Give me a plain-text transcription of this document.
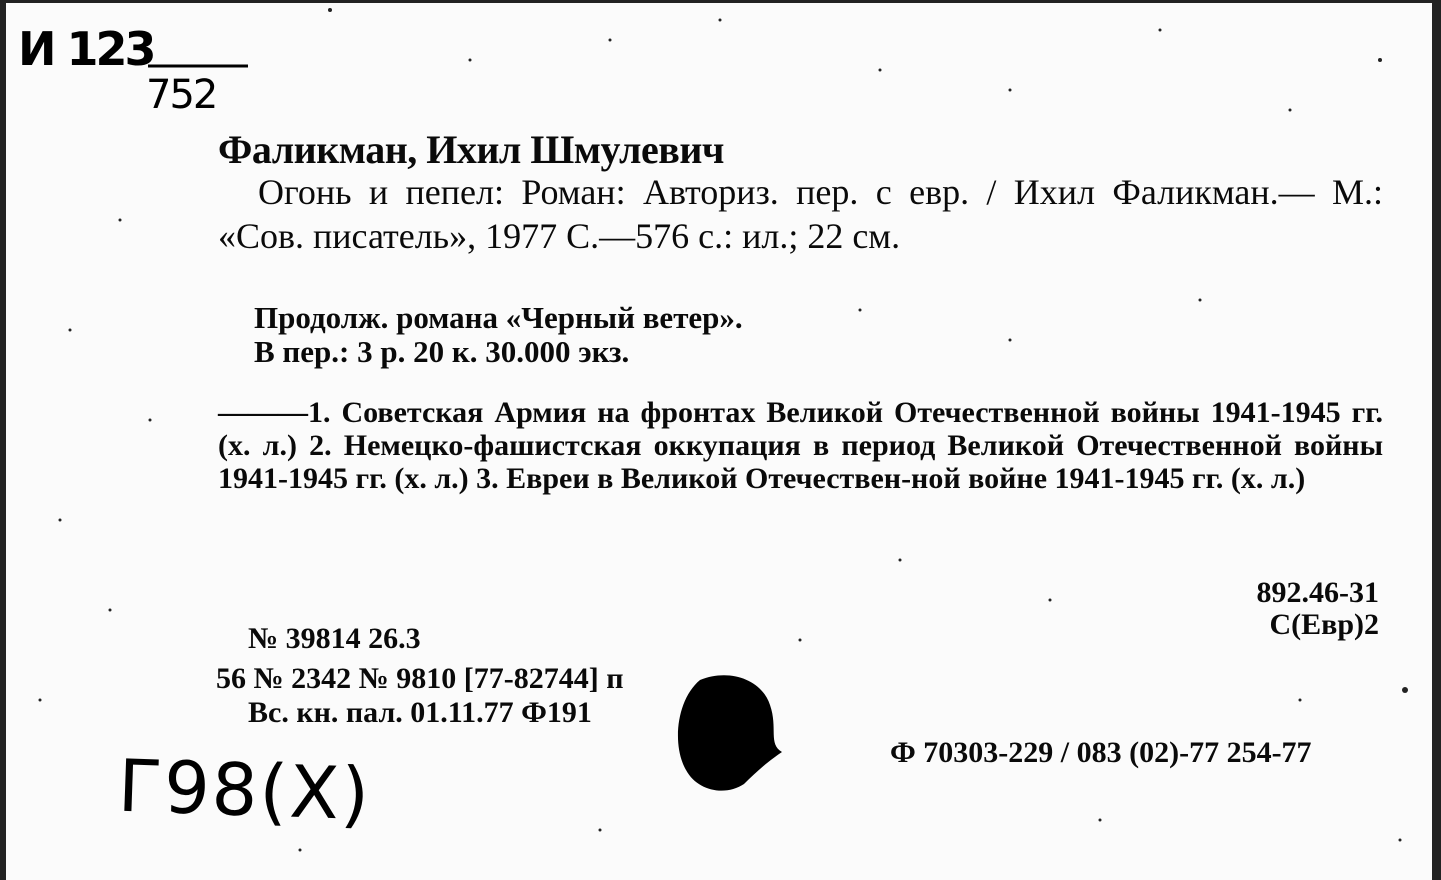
И 123
752
Фаликман, Ихил Шмулевич
Огонь и пепел: Роман: Авториз. пер. с евр. / Ихил Фаликман.— М.: «Сов. писатель», 1977 С.—576 с.: ил.; 22 см.
Продолж. романа «Черный ветер».
В пер.: 3 р. 20 к. 30.000 экз.
———1. Советская Армия на фронтах Великой Отечественной войны 1941-1945 гг. (х. л.) 2. Немецко-фашистская оккупация в период Великой Отечественной войны 1941-1945 гг. (х. л.) 3. Евреи в Великой Отечествен-ной войне 1941-1945 гг. (х. л.)
892.46-31
С(Евр)2
№ 39814 26.3
56 № 2342 № 9810 [77-82744] п
Вс. кн. пал. 01.11.77 Ф191
Ф 70303-229 / 083 (02)-77 254-77
Г98(Х)
